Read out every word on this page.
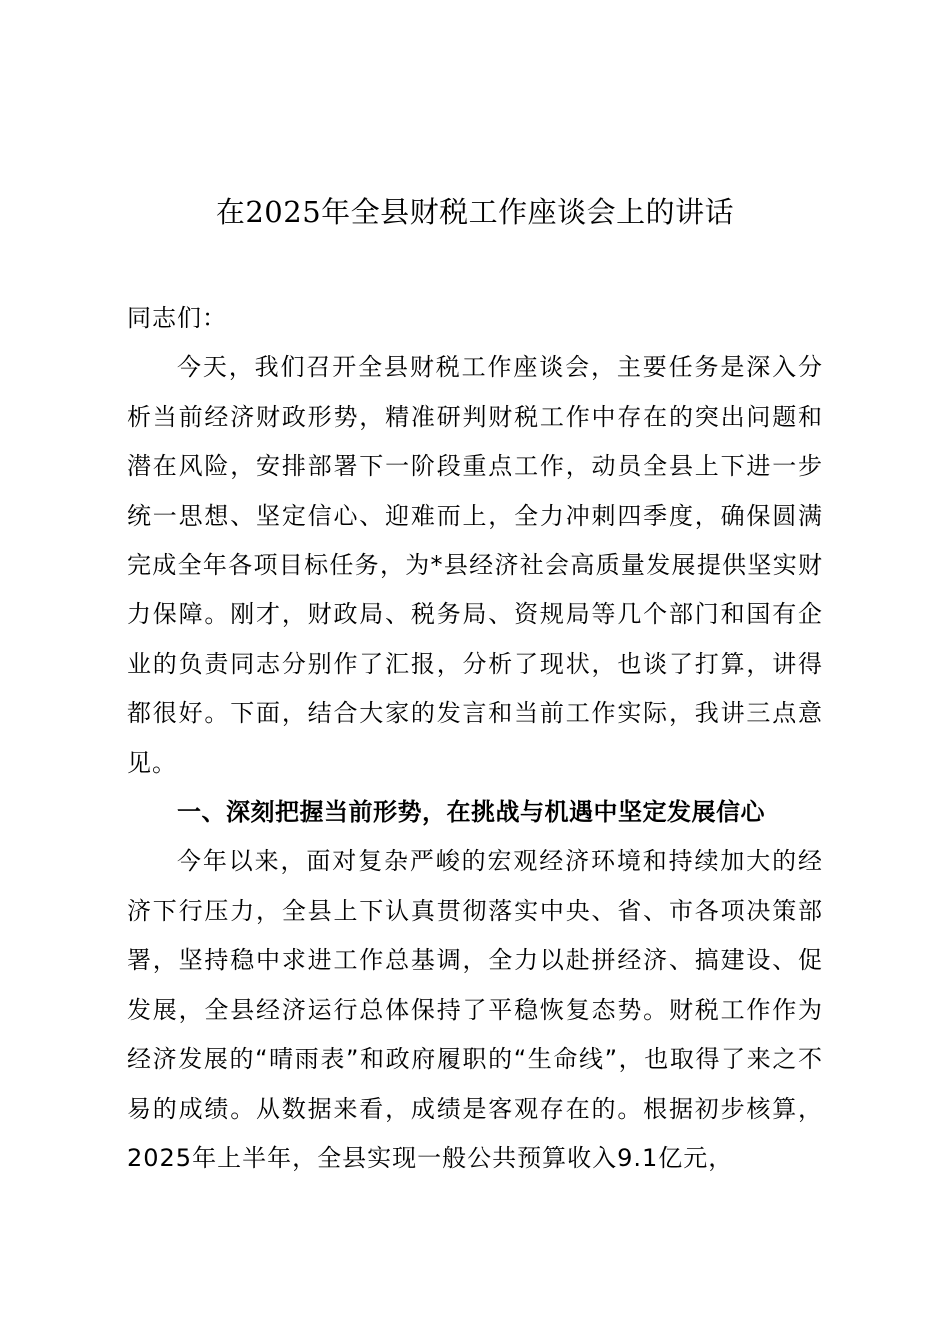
在2025年全县财税工作座谈会上的讲话

同志们：

今天，我们召开全县财税工作座谈会，主要任务是深入分析当前经济财政形势，精准研判财税工作中存在的突出问题和潜在风险，安排部署下一阶段重点工作，动员全县上下进一步统一思想、坚定信心、迎难而上，全力冲刺四季度，确保圆满完成全年各项目标任务，为*县经济社会高质量发展提供坚实财力保障。刚才，财政局、税务局、资规局等几个部门和国有企业的负责同志分别作了汇报，分析了现状，也谈了打算，讲得都很好。下面，结合大家的发言和当前工作实际，我讲三点意见。

一、深刻把握当前形势，在挑战与机遇中坚定发展信心

今年以来，面对复杂严峻的宏观经济环境和持续加大的经济下行压力，全县上下认真贯彻落实中央、省、市各项决策部署，坚持稳中求进工作总基调，全力以赴拼经济、搞建设、促发展，全县经济运行总体保持了平稳恢复态势。财税工作作为经济发展的“晴雨表”和政府履职的“生命线”，也取得了来之不易的成绩。从数据来看，成绩是客观存在的。根据初步核算，2025年上半年，全县实现一般公共预算收入9.1亿元，
